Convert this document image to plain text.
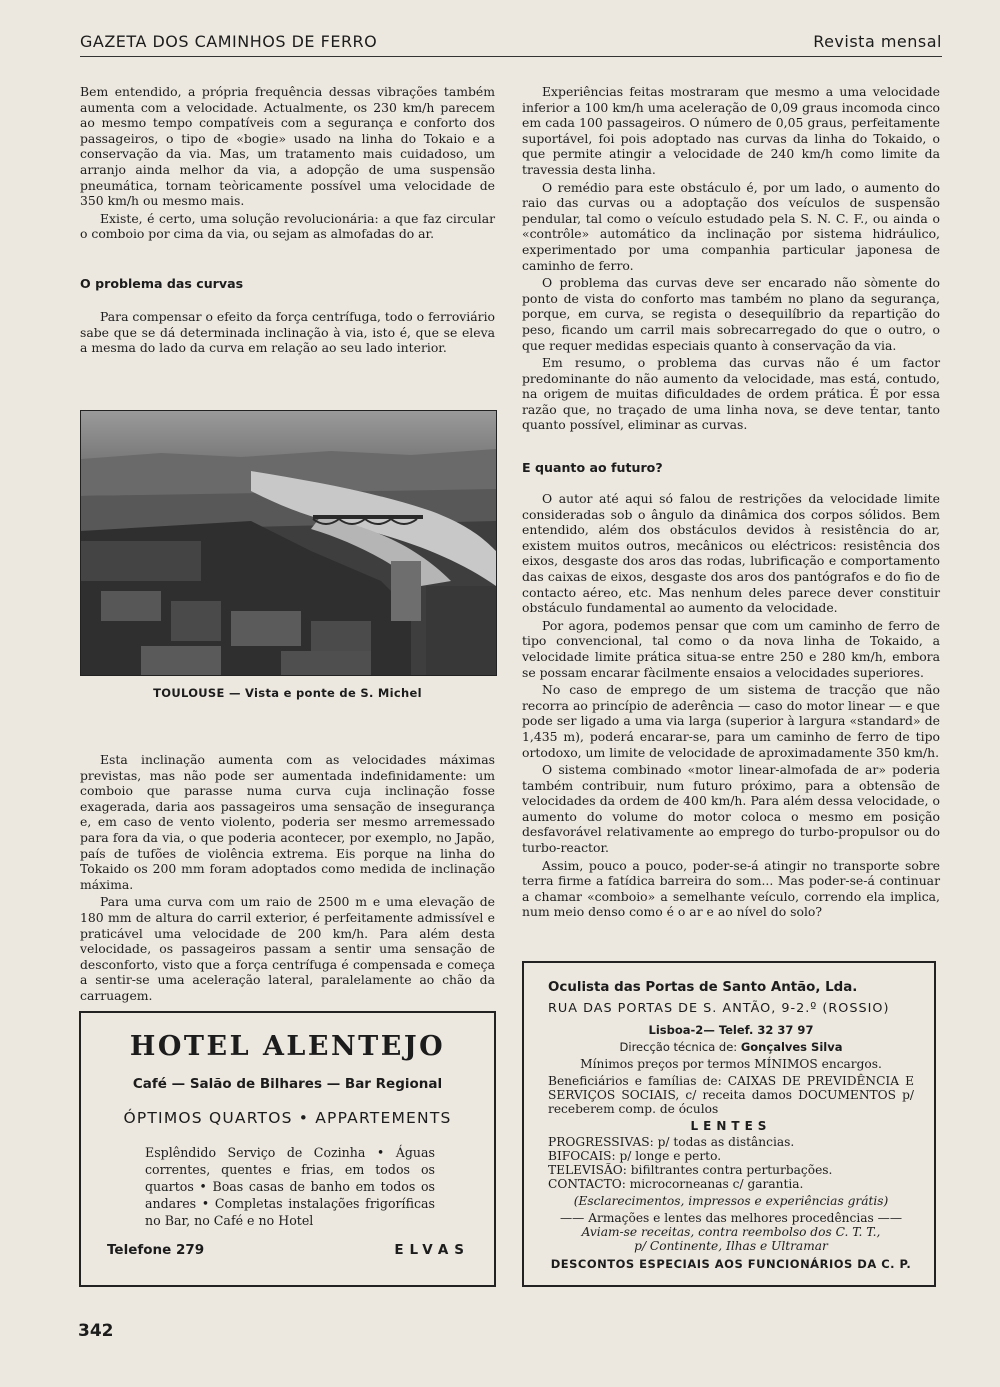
GAZETA DOS CAMINHOS DE FERRO	Revista mensal

Bem entendido, a própria frequência dessas vibrações também aumenta com a velocidade. Actualmente, os 230 km/h parecem ao mesmo tempo compatíveis com a segurança e conforto dos passageiros, o tipo de «bogie» usado na linha do Tokaio e a conservação da via. Mas, um tratamento mais cuidadoso, um arranjo ainda melhor da via, a adopção de uma suspensão pneumática, tornam teòricamente possível uma velocidade de 350 km/h ou mesmo mais.

Existe, é certo, uma solução revolucionária: a que faz circular o comboio por cima da via, ou sejam as almofadas do ar.

O problema das curvas

Para compensar o efeito da força centrífuga, todo o ferroviário sabe que se dá determinada inclinação à via, isto é, que se eleva a mesma do lado da curva em relação ao seu lado interior.

TOULOUSE — Vista e ponte de S. Michel

Esta inclinação aumenta com as velocidades máximas previstas, mas não pode ser aumentada indefinidamente: um comboio que parasse numa curva cuja inclinação fosse exagerada, daria aos passageiros uma sensação de insegurança e, em caso de vento violento, poderia ser mesmo arremessado para fora da via, o que poderia acontecer, por exemplo, no Japão, país de tufões de violência extrema. Eis porque na linha do Tokaido os 200 mm foram adoptados como medida de inclinação máxima.

Para uma curva com um raio de 2500 m e uma elevação de 180 mm de altura do carril exterior, é perfeitamente admissível e praticável uma velocidade de 200 km/h. Para além desta velocidade, os passageiros passam a sentir uma sensação de desconforto, visto que a força centrífuga é compensada e começa a sentir-se uma aceleração lateral, paralelamente ao chão da carruagem.

Experiências feitas mostraram que mesmo a uma velocidade inferior a 100 km/h uma aceleração de 0,09 graus incomoda cinco em cada 100 passageiros. O número de 0,05 graus, perfeitamente suportável, foi pois adoptado nas curvas da linha do Tokaido, o que permite atingir a velocidade de 240 km/h como limite da travessia desta linha.

O remédio para este obstáculo é, por um lado, o aumento do raio das curvas ou a adoptação dos veículos de suspensão pendular, tal como o veículo estudado pela S. N. C. F., ou ainda o «contrôle» automático da inclinação por sistema hidráulico, experimentado por uma companhia particular japonesa de caminho de ferro.

O problema das curvas deve ser encarado não sòmente do ponto de vista do conforto mas também no plano da segurança, porque, em curva, se regista o desequilíbrio da repartição do peso, ficando um carril mais sobrecarregado do que o outro, o que requer medidas especiais quanto à conservação da via.

Em resumo, o problema das curvas não é um factor predominante do não aumento da velocidade, mas está, contudo, na origem de muitas dificuldades de ordem prática. É por essa razão que, no traçado de uma linha nova, se deve tentar, tanto quanto possível, eliminar as curvas.

E quanto ao futuro?

O autor até aqui só falou de restrições da velocidade limite consideradas sob o ângulo da dinâmica dos corpos sólidos. Bem entendido, além dos obstáculos devidos à resistência do ar, existem muitos outros, mecânicos ou eléctricos: resistência dos eixos, desgaste dos aros das rodas, lubrificação e comportamento das caixas de eixos, desgaste dos aros dos pantógrafos e do fio de contacto aéreo, etc. Mas nenhum deles parece dever constituir obstáculo fundamental ao aumento da velocidade.

Por agora, podemos pensar que com um caminho de ferro de tipo convencional, tal como o da nova linha de Tokaido, a velocidade limite prática situa-se entre 250 e 280 km/h, embora se possam encarar fàcilmente ensaios a velocidades superiores.

No caso de emprego de um sistema de tracção que não recorra ao princípio de aderência — caso do motor linear — e que pode ser ligado a uma via larga (superior à largura «standard» de 1,435 m), poderá encarar-se, para um caminho de ferro de tipo ortodoxo, um limite de velocidade de aproximadamente 350 km/h.

O sistema combinado «motor linear-almofada de ar» poderia também contribuir, num futuro próximo, para a obtensão de velocidades da ordem de 400 km/h. Para além dessa velocidade, o aumento do volume do motor coloca o mesmo em posição desfavorável relativamente ao emprego do turbo-propulsor ou do turbo-reactor.

Assim, pouco a pouco, poder-se-á atingir no transporte sobre terra firme a fatídica barreira do som... Mas poder-se-á continuar a chamar «comboio» a semelhante veículo, correndo ela implica, num meio denso como é o ar e ao nível do solo?

HOTEL ALENTEJO
Café — Salão de Bilhares — Bar Regional
ÓPTIMOS QUARTOS • APPARTEMENTS
Esplêndido Serviço de Cozinha • Águas correntes, quentes e frias, em todos os quartos • Boas casas de banho em todos os andares • Completas instalações frigoríficas no Bar, no Café e no Hotel
Telefone 279	ELVAS
Oculista das Portas de Santo Antão, Lda.
RUA DAS PORTAS DE S. ANTÃO, 9-2.º (ROSSIO)
Lisboa-2— Telef. 32 37 97
Direcção técnica de: Gonçalves Silva
Mínimos preços por termos MÍNIMOS encargos.
Beneficiários e famílias de: CAIXAS DE PREVIDÊNCIA E SERVIÇOS SOCIAIS, c/ receita damos DOCUMENTOS p/ receberem comp. de óculos
LENTES
PROGRESSIVAS: p/ todas as distâncias.
BIFOCAIS: p/ longe e perto.
TELEVISÃO: bifiltrantes contra perturbações.
CONTACTO: microcorneanas c/ garantia.
(Esclarecimentos, impressos e experiências grátis)
—— Armações e lentes das melhores procedências ——
Aviam-se receitas, contra reembolso dos C. T. T.,
p/ Continente, Ilhas e Ultramar
DESCONTOS ESPECIAIS AOS FUNCIONÁRIOS DA C. P.
342
